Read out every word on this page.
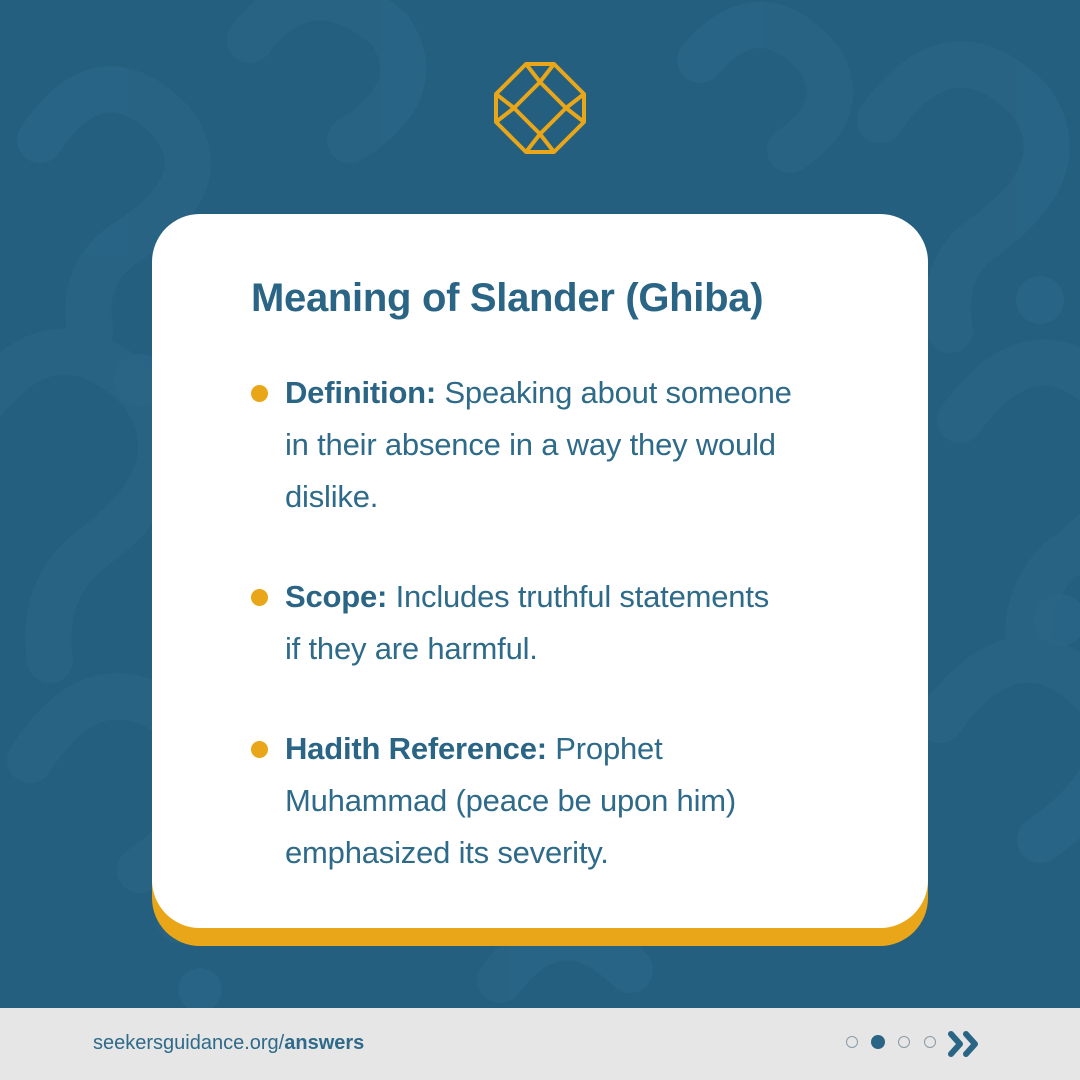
Meaning of Slander (Ghiba)

Definition: Speaking about someone

in their absence in a way they would

dislike.

Scope: Includes truthful statements

if they are harmful.

Hadith Reference: Prophet

Muhammad (peace be upon him)

emphasized its severity.

seekersguidance.org/answers
